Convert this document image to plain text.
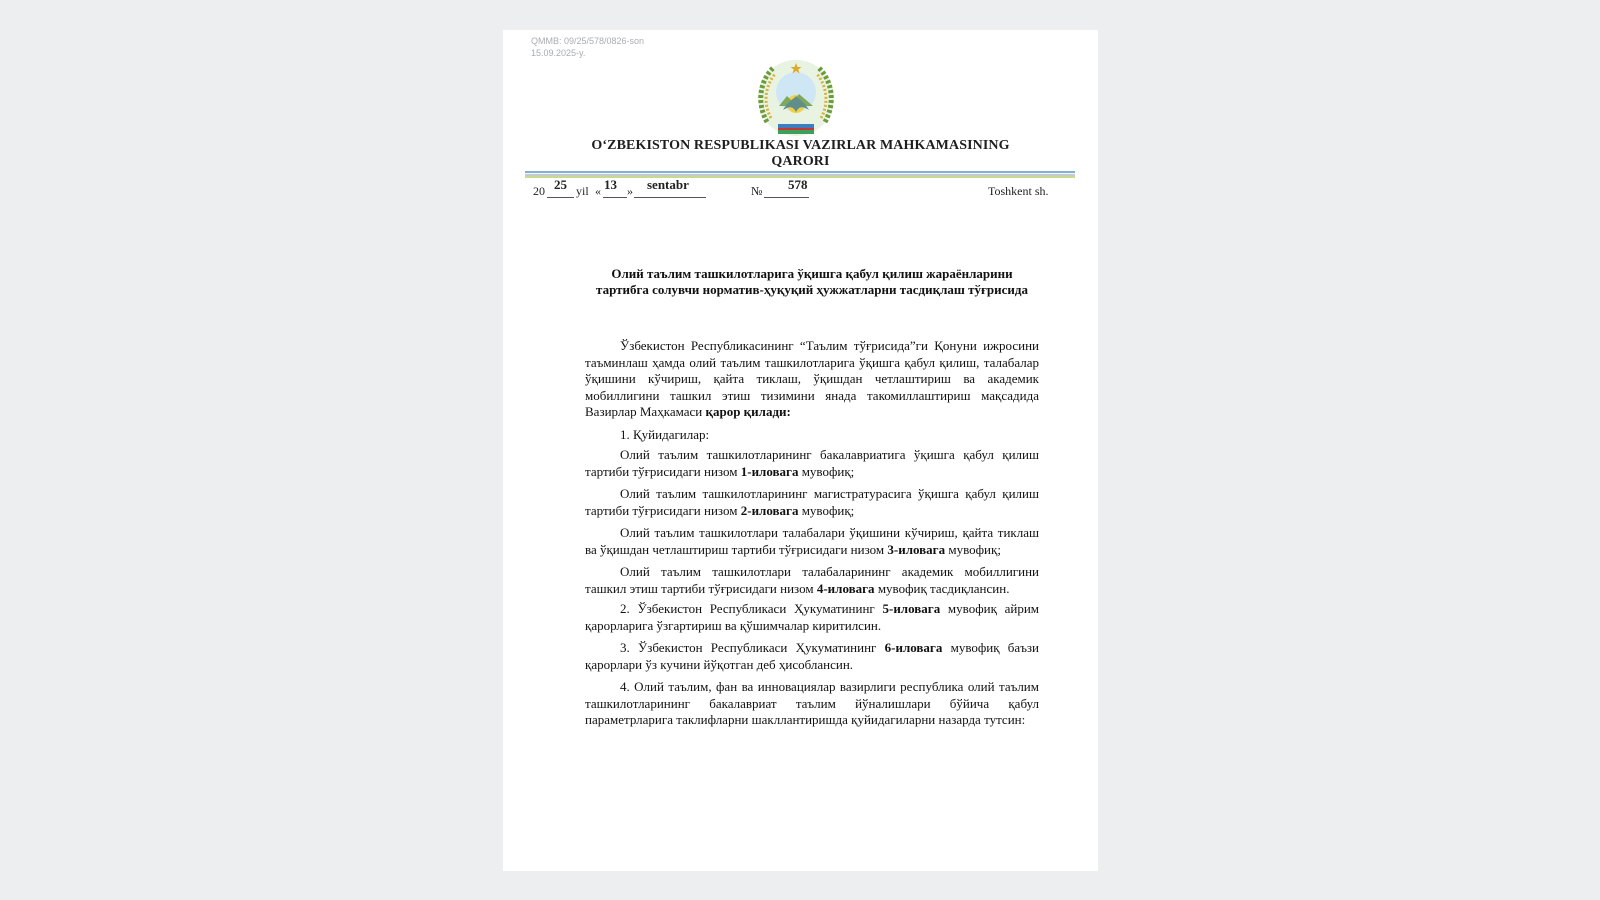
QMMB: 09/25/578/0826-son
15.09.2025-y.
O‘ZBEKISTON RESPUBLIKASI VAZIRLAR MAHKAMASINING
QARORI
20 25 yil « 13 » sentabr	№ 578	Toshkent sh.
Олий таълим ташкилотларига ўқишга қабул қилиш жараёнларини тартибга солувчи норматив-ҳуқуқий ҳужжатларни тасдиқлаш тўғрисида

Ўзбекистон Республикасининг “Таълим тўғрисида”ги Қонуни ижросини таъминлаш ҳамда олий таълим ташкилотларига ўқишга қабул қилиш, талабалар ўқишини кўчириш, қайта тиклаш, ўқишдан четлаштириш ва академик мобиллигини ташкил этиш тизимини янада такомиллаштириш мақсадида Вазирлар Маҳкамаси қарор қилади:

1. Қуйидагилар:

Олий таълим ташкилотларининг бакалавриатига ўқишга қабул қилиш тартиби тўғрисидаги низом 1-иловага мувофиқ;

Олий таълим ташкилотларининг магистратурасига ўқишга қабул қилиш тартиби тўғрисидаги низом 2-иловага мувофиқ;

Олий таълим ташкилотлари талабалари ўқишини кўчириш, қайта тиклаш ва ўқишдан четлаштириш тартиби тўғрисидаги низом 3-иловага мувофиқ;

Олий таълим ташкилотлари талабаларининг академик мобиллигини ташкил этиш тартиби тўғрисидаги низом 4-иловага мувофиқ тасдиқлансин.

2. Ўзбекистон Республикаси Ҳукуматининг 5-иловага мувофиқ айрим қарорларига ўзгартириш ва қўшимчалар киритилсин.

3. Ўзбекистон Республикаси Ҳукуматининг 6-иловага мувофиқ баъзи қарорлари ўз кучини йўқотган деб ҳисоблансин.

4. Олий таълим, фан ва инновациялар вазирлиги республика олий таълим ташкилотларининг бакалавриат таълим йўналишлари бўйича қабул параметрларига таклифларни шакллантиришда қуйидагиларни назарда тутсин:
